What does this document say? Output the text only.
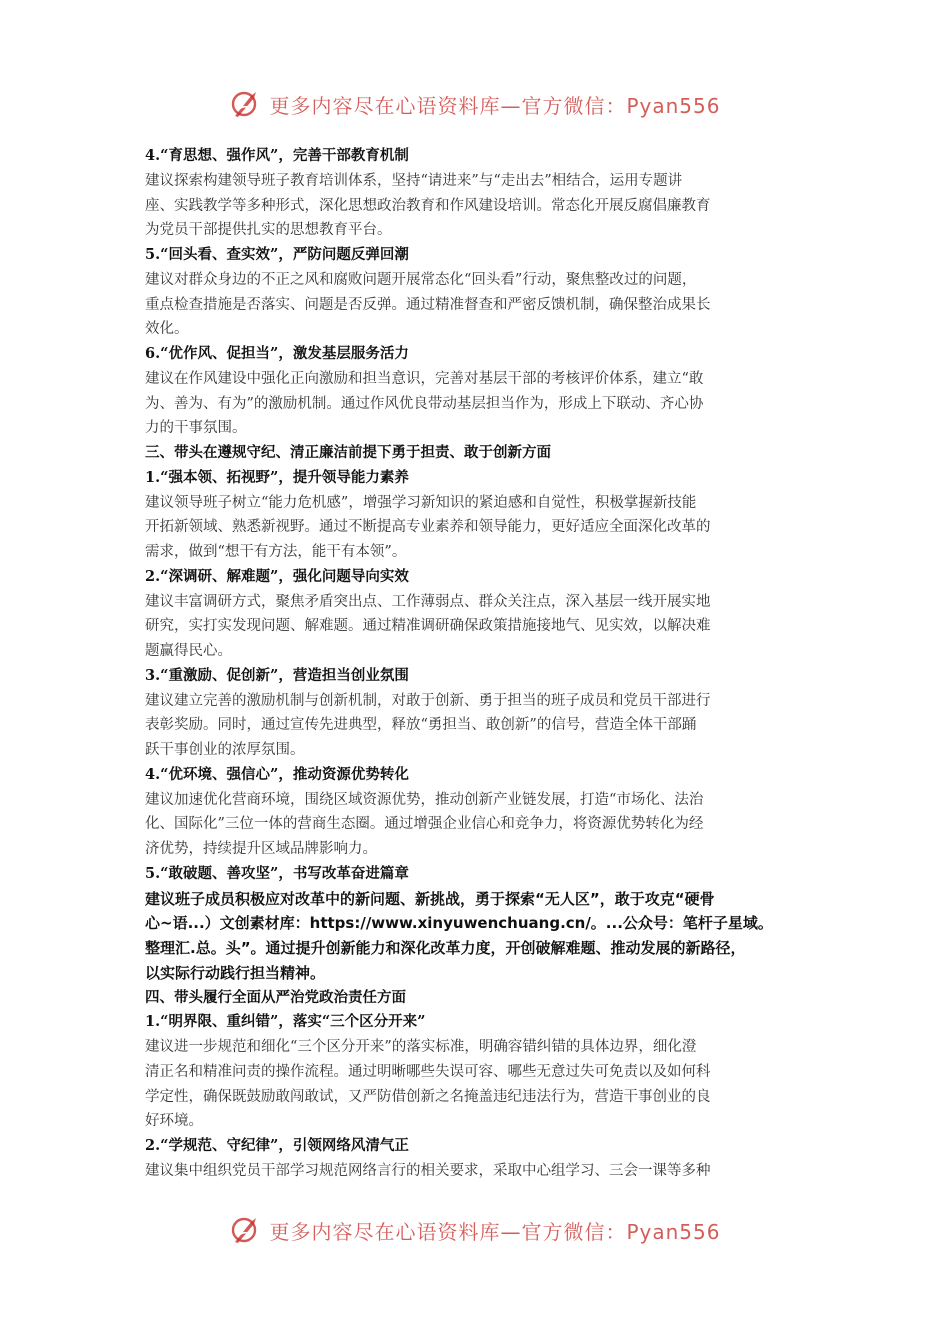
更多内容尽在心语资料库—官方微信：Pyan556
4.“育思想、强作风”，完善干部教育机制
建议探索构建领导班子教育培训体系，坚持“请进来”与“走出去”相结合，运用专题讲
座、实践教学等多种形式，深化思想政治教育和作风建设培训。常态化开展反腐倡廉教育
为党员干部提供扎实的思想教育平台。
5.“回头看、查实效”，严防问题反弹回潮
建议对群众身边的不正之风和腐败问题开展常态化“回头看”行动，聚焦整改过的问题，
重点检查措施是否落实、问题是否反弹。通过精准督查和严密反馈机制，确保整治成果长
效化。
6.“优作风、促担当”，激发基层服务活力
建议在作风建设中强化正向激励和担当意识，完善对基层干部的考核评价体系，建立“敢
为、善为、有为”的激励机制。通过作风优良带动基层担当作为，形成上下联动、齐心协
力的干事氛围。
三、带头在遵规守纪、清正廉洁前提下勇于担责、敢于创新方面
1.“强本领、拓视野”，提升领导能力素养
建议领导班子树立“能力危机感”，增强学习新知识的紧迫感和自觉性，积极掌握新技能
开拓新领域、熟悉新视野。通过不断提高专业素养和领导能力，更好适应全面深化改革的
需求，做到“想干有方法，能干有本领”。
2.“深调研、解难题”，强化问题导向实效
建议丰富调研方式，聚焦矛盾突出点、工作薄弱点、群众关注点，深入基层一线开展实地
研究，实打实发现问题、解难题。通过精准调研确保政策措施接地气、见实效，以解决难
题赢得民心。
3.“重激励、促创新”，营造担当创业氛围
建议建立完善的激励机制与创新机制，对敢于创新、勇于担当的班子成员和党员干部进行
表彰奖励。同时，通过宣传先进典型，释放“勇担当、敢创新”的信号，营造全体干部踊
跃干事创业的浓厚氛围。
4.“优环境、强信心”，推动资源优势转化
建议加速优化营商环境，围绕区域资源优势，推动创新产业链发展，打造“市场化、法治
化、国际化”三位一体的营商生态圈。通过增强企业信心和竞争力，将资源优势转化为经
济优势，持续提升区域品牌影响力。
5.“敢破题、善攻坚”，书写改革奋进篇章
建议班子成员积极应对改革中的新问题、新挑战，勇于探索“无人区”，敢于攻克“硬骨
心~语...）文创素材库：https://www.xinyuwenchuang.cn/。...公众号：笔杆子星域。
整理汇.总。头”。通过提升创新能力和深化改革力度，开创破解难题、推动发展的新路径，
以实际行动践行担当精神。
四、带头履行全面从严治党政治责任方面
1.“明界限、重纠错”，落实“三个区分开来”
建议进一步规范和细化“三个区分开来”的落实标准，明确容错纠错的具体边界，细化澄
清正名和精准问责的操作流程。通过明晰哪些失误可容、哪些无意过失可免责以及如何科
学定性，确保既鼓励敢闯敢试，又严防借创新之名掩盖违纪违法行为，营造干事创业的良
好环境。
2.“学规范、守纪律”，引领网络风清气正
建议集中组织党员干部学习规范网络言行的相关要求，采取中心组学习、三会一课等多种
更多内容尽在心语资料库—官方微信：Pyan556
